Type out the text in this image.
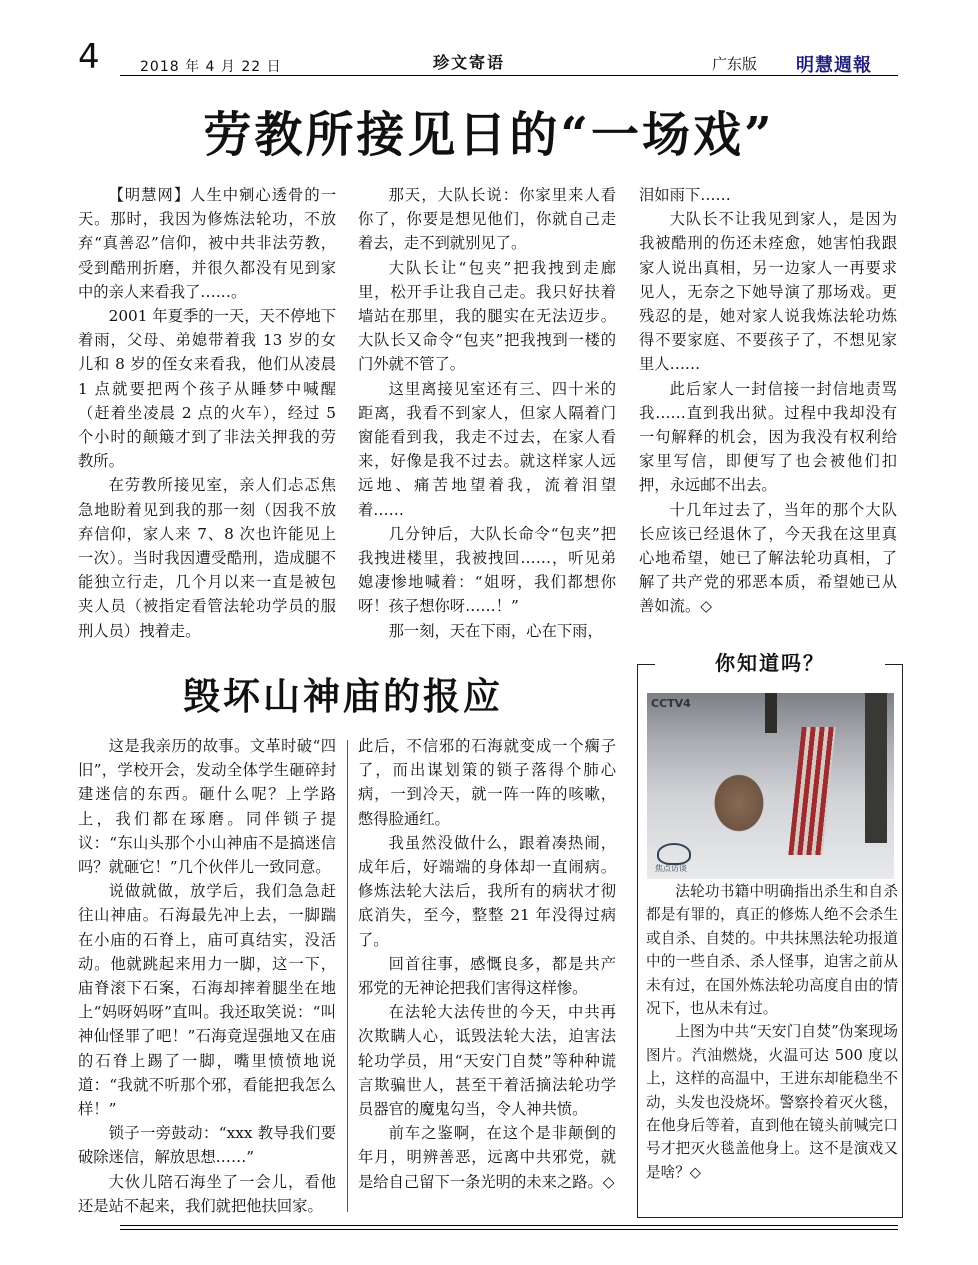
4	2018 年 4 月 22 日	珍文寄语	广东版 明慧週報
劳教所接见日的“一场戏”

【明慧网】人生中剜心透骨的一天。那时，我因为修炼法轮功，不放弃“真善忍”信仰，被中共非法劳教，受到酷刑折磨，并很久都没有见到家中的亲人来看我了……。

2001 年夏季的一天，天不停地下着雨，父母、弟媳带着我 13 岁的女儿和 8 岁的侄女来看我，他们从凌晨 1 点就要把两个孩子从睡梦中喊醒（赶着坐凌晨 2 点的火车），经过 5 个小时的颠簸才到了非法关押我的劳教所。

在劳教所接见室，亲人们忐忑焦急地盼着见到我的那一刻（因我不放弃信仰，家人来 7、8 次也许能见上一次）。当时我因遭受酷刑，造成腿不能独立行走，几个月以来一直是被包夹人员（被指定看管法轮功学员的服刑人员）拽着走。

那天，大队长说：你家里来人看你了，你要是想见他们，你就自己走着去，走不到就别见了。

大队长让“包夹”把我拽到走廊里，松开手让我自己走。我只好扶着墙站在那里，我的腿实在无法迈步。大队长又命令“包夹”把我拽到一楼的门外就不管了。

这里离接见室还有三、四十米的距离，我看不到家人，但家人隔着门窗能看到我，我走不过去，在家人看来，好像是我不过去。就这样家人远远地、痛苦地望着我，流着泪望着……

几分钟后，大队长命令“包夹”把我拽进楼里，我被拽回……，听见弟媳凄惨地喊着：“姐呀，我们都想你呀！孩子想你呀……！”

那一刻，天在下雨，心在下雨，

泪如雨下……

大队长不让我见到家人，是因为我被酷刑的伤还未痊愈，她害怕我跟家人说出真相，另一边家人一再要求见人，无奈之下她导演了那场戏。更残忍的是，她对家人说我炼法轮功炼得不要家庭、不要孩子了，不想见家里人……

此后家人一封信接一封信地责骂我……直到我出狱。过程中我却没有一句解释的机会，因为我没有权利给家里写信，即便写了也会被他们扣押，永远邮不出去。

十几年过去了，当年的那个大队长应该已经退休了，今天我在这里真心地希望，她已了解法轮功真相，了解了共产党的邪恶本质，希望她已从善如流。◇

毁坏山神庙的报应

这是我亲历的故事。文革时破“四旧”，学校开会，发动全体学生砸碎封建迷信的东西。砸什么呢？上学路上，我们都在琢磨。同伴锁子提议：“东山头那个小山神庙不是搞迷信吗？就砸它！”几个伙伴儿一致同意。

说做就做，放学后，我们急急赶往山神庙。石海最先冲上去，一脚踹在小庙的石脊上，庙可真结实，没活动。他就跳起来用力一脚，这一下，庙脊滚下石案，石海却摔着腿坐在地上“妈呀妈呀”直叫。我还取笑说：“叫神仙怪罪了吧！”石海竟逞强地又在庙的石脊上踢了一脚，嘴里愤愤地说道：“我就不听那个邪，看能把我怎么样！”

锁子一旁鼓动：“xxx 教导我们要破除迷信，解放思想……”

大伙儿陪石海坐了一会儿，看他还是站不起来，我们就把他扶回家。

此后，不信邪的石海就变成一个瘸子了，而出谋划策的锁子落得个肺心病，一到冷天，就一阵一阵的咳嗽，憋得脸通红。

我虽然没做什么，跟着凑热闹，成年后，好端端的身体却一直闹病。修炼法轮大法后，我所有的病状才彻底消失，至今，整整 21 年没得过病了。

回首往事，感慨良多，都是共产邪党的无神论把我们害得这样惨。

在法轮大法传世的今天，中共再次欺瞒人心，诋毁法轮大法，迫害法轮功学员，用“天安门自焚”等种种谎言欺骗世人，甚至干着活摘法轮功学员器官的魔鬼勾当，令人神共愤。

前车之鉴啊，在这个是非颠倒的年月，明辨善恶，远离中共邪党，就是给自己留下一条光明的未来之路。◇

你知道吗？
CCTV4
焦点访谈

法轮功书籍中明确指出杀生和自杀都是有罪的，真正的修炼人绝不会杀生或自杀、自焚的。中共抹黑法轮功报道中的一些自杀、杀人怪事，迫害之前从未有过，在国外炼法轮功高度自由的情况下，也从未有过。

上图为中共“天安门自焚”伪案现场图片。汽油燃烧，火温可达 500 度以上，这样的高温中，王进东却能稳坐不动，头发也没烧坏。警察拎着灭火毯，在他身后等着，直到他在镜头前喊完口号才把灭火毯盖他身上。这不是演戏又是啥？◇
